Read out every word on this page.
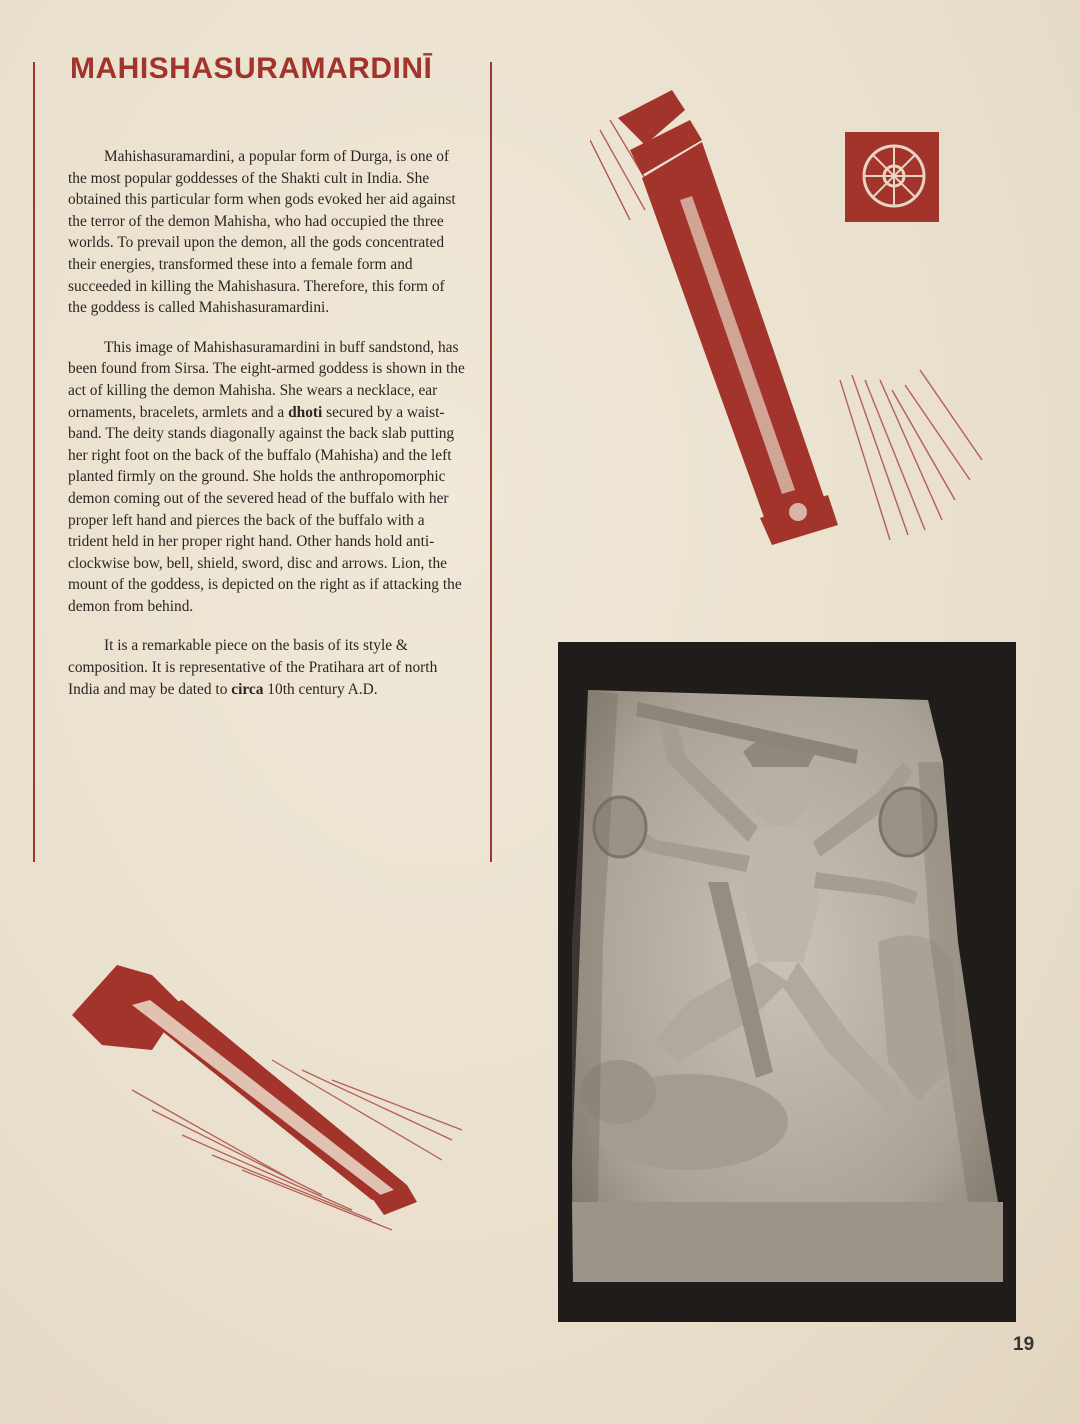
MAHISHASURAMARDINĪ

Mahishasuramardini, a popular form of Durga, is one of the most popular goddesses of the Shakti cult in India. She obtained this particular form when gods evoked her aid against the terror of the demon Mahisha, who had occupied the three worlds. To prevail upon the demon, all the gods concentrated their energies, transformed these into a female form and succeeded in killing the Mahishasura. Therefore, this form of the goddess is called Mahishasuramardini.

This image of Mahishasuramardini in buff sandstond, has been found from Sirsa. The eight-armed goddess is shown in the act of killing the demon Mahisha. She wears a necklace, ear ornaments, bracelets, armlets and a dhoti secured by a waist-band. The deity stands diagonally against the back slab putting her right foot on the back of the buffalo (Mahisha) and the left planted firmly on the ground. She holds the anthropomorphic demon coming out of the severed head of the buffalo with her proper left hand and pierces the back of the buffalo with a trident held in her proper right hand. Other hands hold anti-clockwise bow, bell, shield, sword, disc and arrows. Lion, the mount of the goddess, is depicted on the right as if attacking the demon from behind.

It is a remarkable piece on the basis of its style & composition. It is representative of the Pratihara art of north India and may be dated to circa 10th century A.D.

19
